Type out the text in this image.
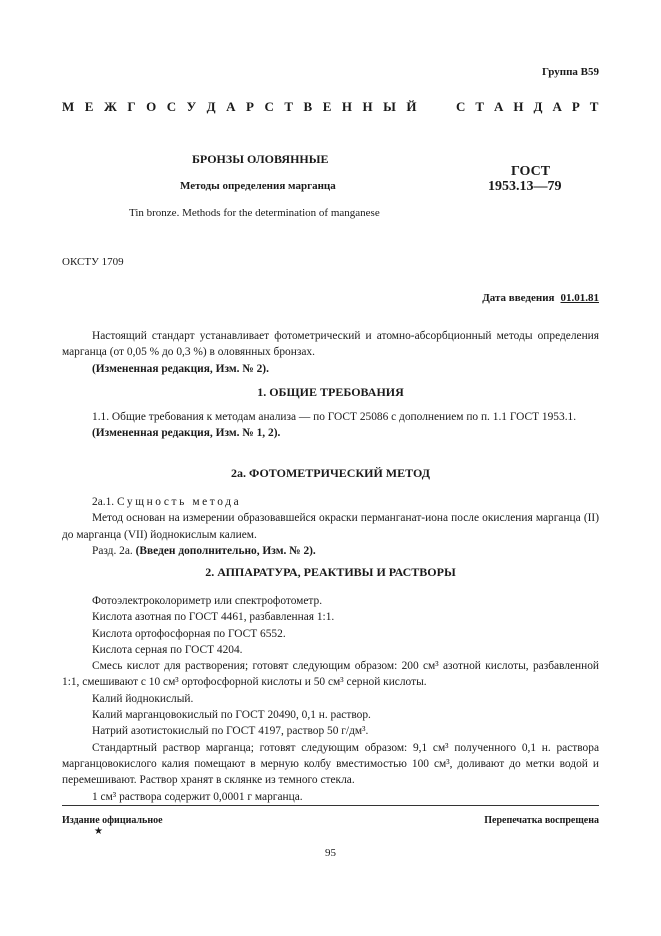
Группа В59
М Е Ж Г О С У Д А Р С Т В Е Н Н Ы Й	С Т А Н Д А Р Т
БРОНЗЫ ОЛОВЯННЫЕ
Методы определения марганца
Tin bronze. Methods for the determination of manganese
ГОСТ
1953.13—79
ОКСТУ 1709
Дата введения 01.01.81

Настоящий стандарт устанавливает фотометрический и атомно-абсорбционный методы определения марганца (от 0,05 % до 0,3 %) в оловянных бронзах.

(Измененная редакция, Изм. № 2).

1. ОБЩИЕ ТРЕБОВАНИЯ

1.1. Общие требования к методам анализа — по ГОСТ 25086 с дополнением по п. 1.1 ГОСТ 1953.1.

(Измененная редакция, Изм. № 1, 2).

2а. ФОТОМЕТРИЧЕСКИЙ МЕТОД

2а.1. Сущность метода

Метод основан на измерении образовавшейся окраски перманганат-иона после окисления марганца (II) до марганца (VII) йоднокислым калием.

Разд. 2а. (Введен дополнительно, Изм. № 2).

2. АППАРАТУРА, РЕАКТИВЫ И РАСТВОРЫ

Фотоэлектроколориметр или спектрофотометр.

Кислота азотная по ГОСТ 4461, разбавленная 1:1.

Кислота ортофосфорная по ГОСТ 6552.

Кислота серная по ГОСТ 4204.

Смесь кислот для растворения; готовят следующим образом: 200 см³ азотной кислоты, разбавленной 1:1, смешивают с 10 см³ ортофосфорной кислоты и 50 см³ серной кислоты.

Калий йоднокислый.

Калий марганцовокислый по ГОСТ 20490, 0,1 н. раствор.

Натрий азотистокислый по ГОСТ 4197, раствор 50 г/дм³.

Стандартный раствор марганца; готовят следующим образом: 9,1 см³ полученного 0,1 н. раствора марганцовокислого калия помещают в мерную колбу вместимостью 100 см³, доливают до метки водой и перемешивают. Раствор хранят в склянке из темного стекла.

1 см³ раствора содержит 0,0001 г марганца.

Издание официальное
★
Перепечатка воспрещена
95
